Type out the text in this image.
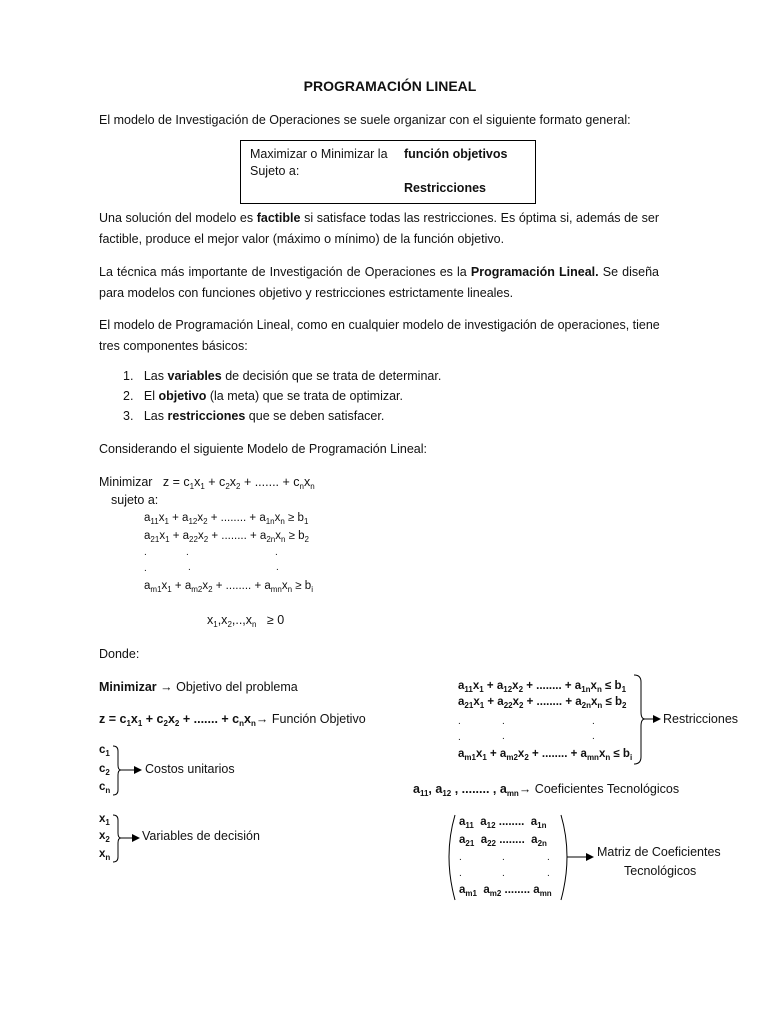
PROGRAMACIÓN LINEAL
El modelo de Investigación de Operaciones se suele organizar con el siguiente formato general:
Maximizar o Minimizar la función objetivos
Sujeto a:
Restricciones
Una solución del modelo es factible si satisface todas las restricciones. Es óptima si, además de ser factible, produce el mejor valor (máximo o mínimo) de la función objetivo.
La técnica más importante de Investigación de Operaciones es la Programación Lineal. Se diseña para modelos con funciones objetivo y restricciones estrictamente lineales.
El modelo de Programación Lineal, como en cualquier modelo de investigación de operaciones, tiene tres componentes básicos:
1. Las variables de decisión que se trata de determinar.
2. El objetivo (la meta) que se trata de optimizar.
3. Las restricciones que se deben satisfacer.
Considerando el siguiente Modelo de Programación Lineal:
Minimizar   $z = c_1x_1 + c_2x_2$ + ....... + $c_nx_n$
sujeto a:
$a_{11}x_1 + a_{12}x_2$ + ........ + $a_{1n}x_n \ge b_1$
$a_{21}x_1 + a_{22}x_2$ + ........ + $a_{2n}x_n \ge b_2$
.	.	.
.	.	.
$a_{m1}x_1 + a_{m2}x_2$ + ........ + $a_{mn}x_n \ge b_i$
$x_1,x_2,..,x_n \ge 0$
Donde:
Minimizar → Objetivo del problema
$z = c_1x_1 + c_2x_2$ + ....... + $c_nx_n\to$ Función Objetivo
$c_1$
$c_2$
$c_n$
Costos unitarios
$x_1$
$x_2$
$x_n$
Variables de decisión
$a_{11}x_1 + a_{12}x_2$ + ........ + $a_{1n}x_n \le b_1$
$a_{21}x_1 + a_{22}x_2$ + ........ + $a_{2n}x_n \le b_2$
.	.	.
.	.	.
$a_{m1}x_1 + a_{m2}x_2$ + ........ + $a_{mn}x_n \le b_i$
Restricciones
$a_{11}$, $a_{12}$ , ........ , $a_{mn}\to$ Coeficientes Tecnológicos
$a_{11}$  $a_{12}$ ........  $a_{1n}$
$a_{21}$  $a_{22}$ ........  $a_{2n}$
.	.	.
.	.	.
$a_{m1}$  $a_{m2}$ ........ $a_{mn}$
Matriz de Coeficientes
Tecnológicos
